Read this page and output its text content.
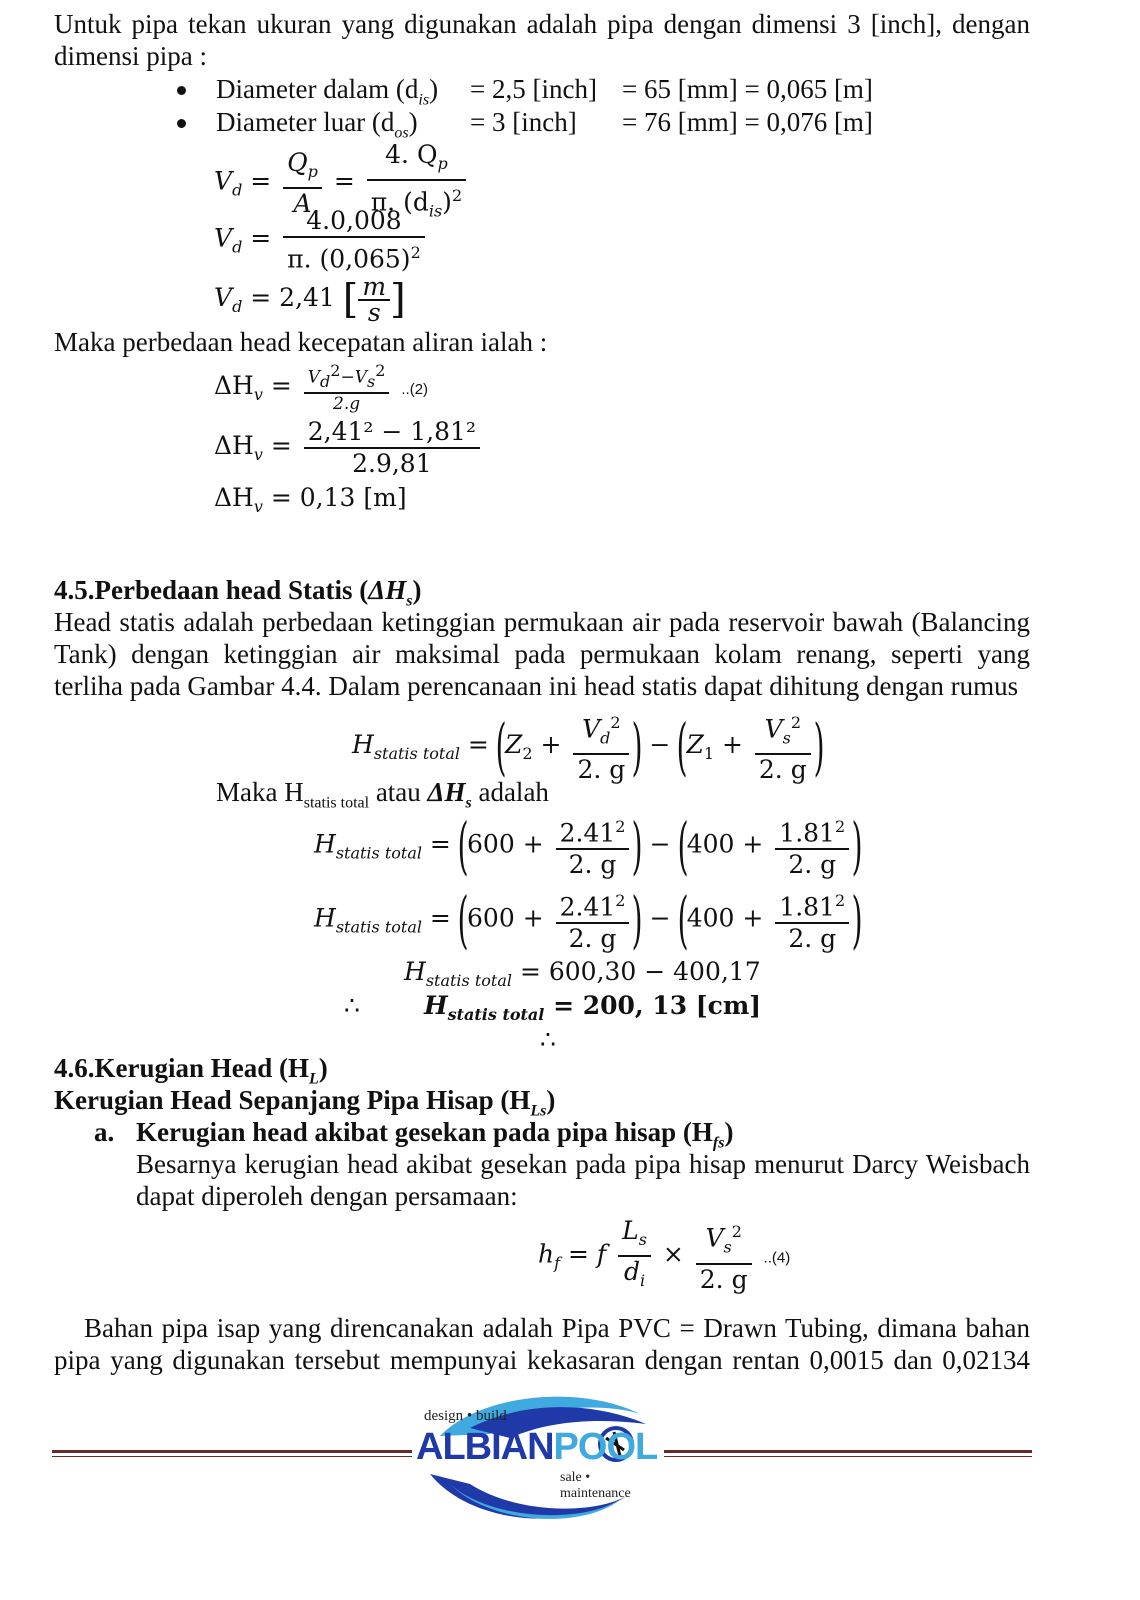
Untuk pipa tekan ukuran yang digunakan adalah pipa dengan dimensi 3 [inch], dengan
dimensi pipa :
Diameter dalam $(d_{is}) = 2,5$ [inch] = 65 [mm] = 0,065 [m]
Diameter luar $(d_{os}) = 3$ [inch] = 76 [mm] = 0,076 [m]
$V_d = \frac{Q_p}{A} = \frac{4. Q_p}{\pi. (d_{is})^2}$
$V_d = \frac{4.0,008}{\pi. (0,065)^2}$
$V_d = 2,41$ [ $\frac{m}{s}$ ]
Maka perbedaan head kecepatan aliran ialah :
$\Delta H_v = \frac{V_d^2-V_s^2}{2.g} ..(2)$
$\Delta H_v = \frac{\text{2,41² − 1,81²}}{2.9,81}$
$\Delta H_v = 0,13$ [m]
4.5.Perbedaan head Statis $(\Delta H_s)$
Head statis adalah perbedaan ketinggian permukaan air pada reservoir bawah (Balancing
Tank) dengan ketinggian air maksimal pada permukaan kolam renang, seperti yang
terliha pada Gambar 4.4. Dalam perencanaan ini head statis dapat dihitung dengan rumus
$H_{statis total} = (Z_2 + \frac{V_d^2}{2. g}$ ) − ($Z_1 + \frac{V_s^2}{2. g}$ )
Maka $H_{statis total}$ atau $\Delta H_s$ adalah
$H_{statis total} = (600 + \frac{2.41^2}{2. g}$ ) − ($400 + \frac{1.81^2}{2. g}$ )
$H_{statis total} = (600 + \frac{2.41^2}{2. g}$ ) − ($400 + \frac{1.81^2}{2. g}$ )
$H_{statis total} = 600,30 - 400,17$
∴	$H_{statis total} = 200$, 13 [cm]
∴
4.6.Kerugian Head $(H_L)$
Kerugian Head Sepanjang Pipa Hisap $(H_{Ls})$
a. Kerugian head akibat gesekan pada pipa hisap $(H_{fs})$
Besarnya kerugian head akibat gesekan pada pipa hisap menurut Darcy Weisbach
dapat diperoleh dengan persamaan:
$h_f = f \frac{L_s}{d_i} \times \frac{V_s^2}{2. g} ..(4)$
Bahan pipa isap yang direncanakan adalah Pipa PVC = Drawn Tubing, dimana bahan
pipa yang digunakan tersebut mempunyai kekasaran dengan rentan 0,0015 dan 0,02134
design • build
ALBIANPOOL
sale • maintenance
